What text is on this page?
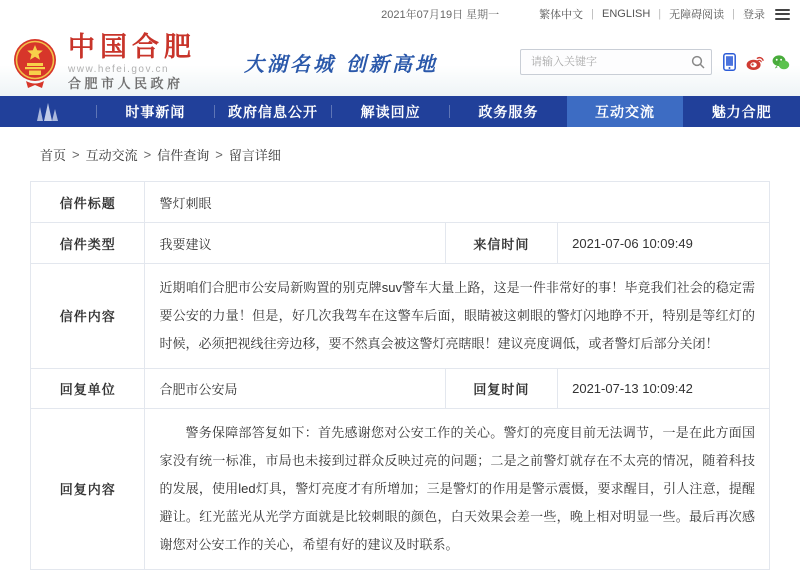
2021年07月19日 星期一	繁体中文 | ENGLISH | 无障碍阅读 | 登录
中国合肥
www.hefei.gov.cn
合肥市人民政府
大湖名城 创新高地
请输入关键字
时事新闻	政府信息公开	解读回应	政务服务	互动交流	魅力合肥
首页 > 互动交流 > 信件查询 > 留言详细
信件标题	警灯刺眼		
信件类型	我要建议	来信时间	2021-07-06 10:09:49
信件内容	近期咱们合肥市公安局新购置的别克牌suv警车大量上路，这是一件非常好的事！毕竟我们社会的稳定需要公安的力量！但是，好几次我驾车在这警车后面，眼睛被这刺眼的警灯闪地睁不开，特别是等红灯的时候，必须把视线往旁边移，要不然真会被这警灯亮瞎眼！建议亮度调低，或者警灯后部分关闭！		
回复单位	合肥市公安局	回复时间	2021-07-13 10:09:42
回复内容	警务保障部答复如下：首先感谢您对公安工作的关心。警灯的亮度目前无法调节，一是在此方面国家没有统一标准，市局也未接到过群众反映过亮的问题；二是之前警灯就存在不太亮的情况，随着科技的发展，使用led灯具，警灯亮度才有所增加；三是警灯的作用是警示震慑，要求醒目，引人注意，提醒避让。红光蓝光从光学方面就是比较刺眼的颜色，白天效果会差一些，晚上相对明显一些。最后再次感谢您对公安工作的关心，希望有好的建议及时联系。		
